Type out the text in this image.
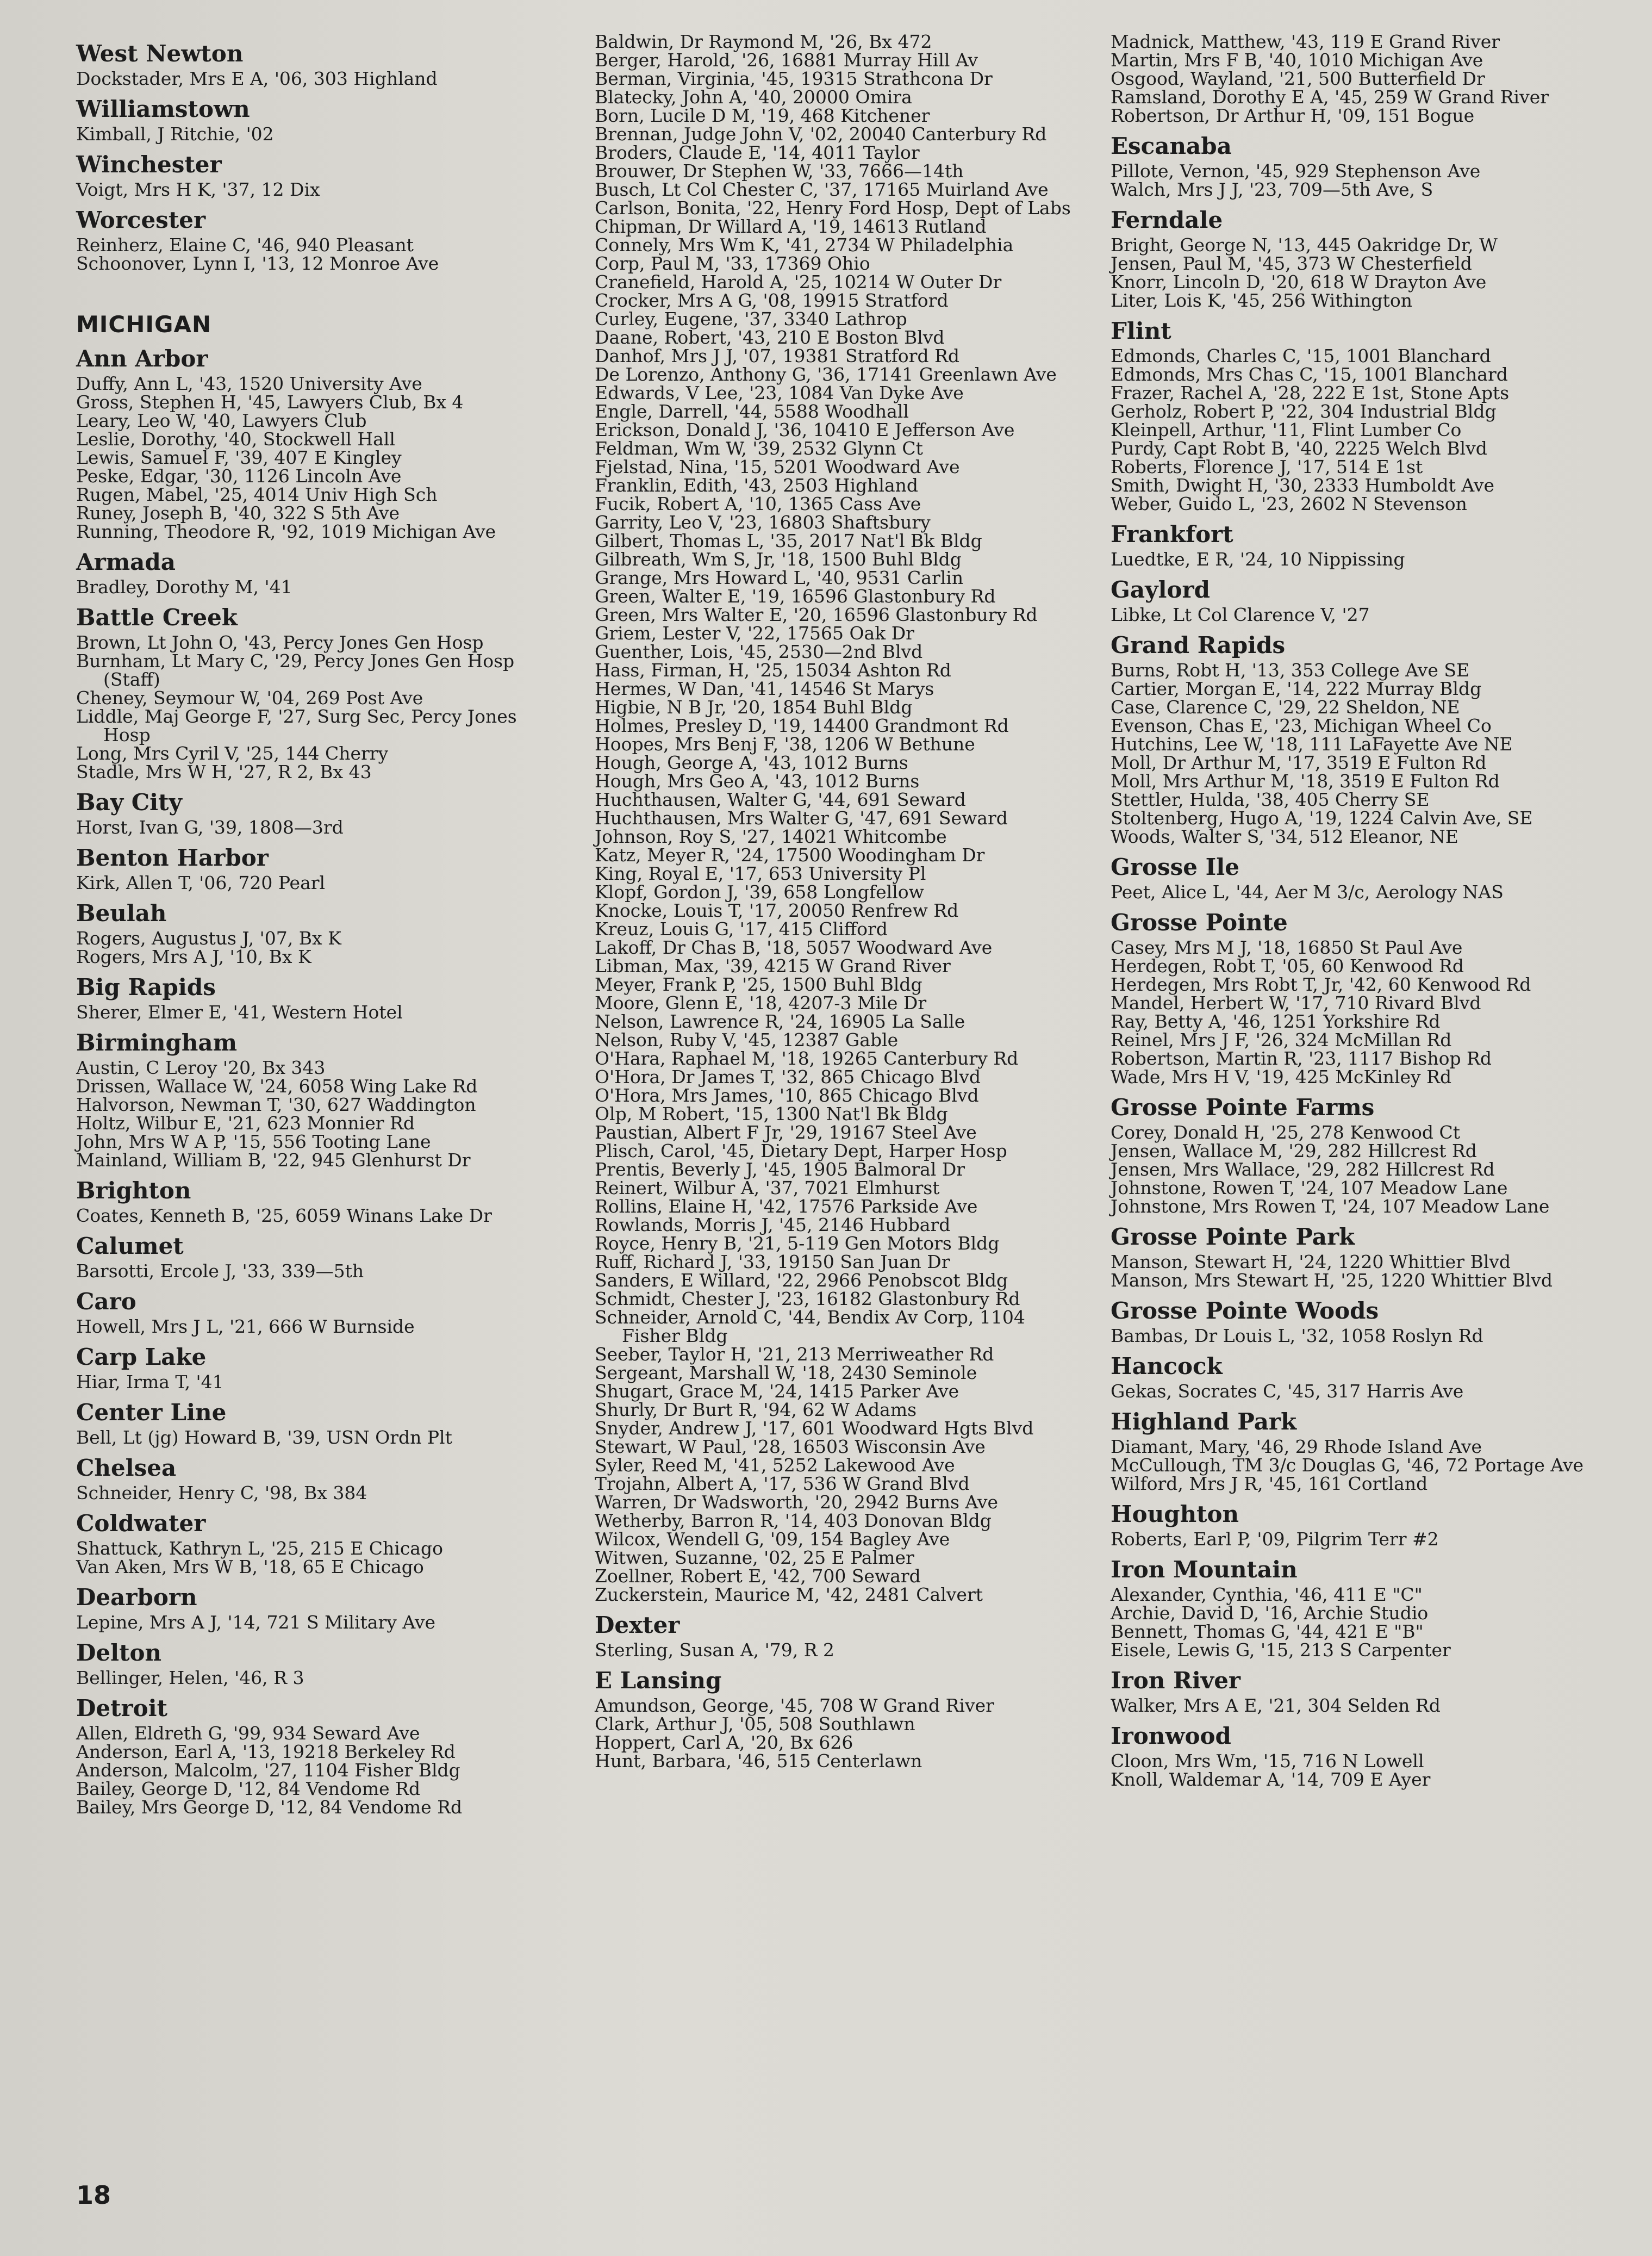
West Newton
Dockstader, Mrs E A, '06, 303 Highland
Williamstown
Kimball, J Ritchie, '02
Winchester
Voigt, Mrs H K, '37, 12 Dix
Worcester
Reinherz, Elaine C, '46, 940 Pleasant
Schoonover, Lynn I, '13, 12 Monroe Ave
MICHIGAN
Ann Arbor
Duffy, Ann L, '43, 1520 University Ave
Gross, Stephen H, '45, Lawyers Club, Bx 4
Leary, Leo W, '40, Lawyers Club
Leslie, Dorothy, '40, Stockwell Hall
Lewis, Samuel F, '39, 407 E Kingley
Peske, Edgar, '30, 1126 Lincoln Ave
Rugen, Mabel, '25, 4014 Univ High Sch
Runey, Joseph B, '40, 322 S 5th Ave
Running, Theodore R, '92, 1019 Michigan Ave
Armada
Bradley, Dorothy M, '41
Battle Creek
Brown, Lt John O, '43, Percy Jones Gen Hosp
Burnham, Lt Mary C, '29, Percy Jones Gen Hosp (Staff)
Cheney, Seymour W, '04, 269 Post Ave
Liddle, Maj George F, '27, Surg Sec, Percy Jones Hosp
Long, Mrs Cyril V, '25, 144 Cherry
Stadle, Mrs W H, '27, R 2, Bx 43
Bay City
Horst, Ivan G, '39, 1808—3rd
Benton Harbor
Kirk, Allen T, '06, 720 Pearl
Beulah
Rogers, Augustus J, '07, Bx K
Rogers, Mrs A J, '10, Bx K
Big Rapids
Sherer, Elmer E, '41, Western Hotel
Birmingham
Austin, C Leroy '20, Bx 343
Drissen, Wallace W, '24, 6058 Wing Lake Rd
Halvorson, Newman T, '30, 627 Waddington
Holtz, Wilbur E, '21, 623 Monnier Rd
John, Mrs W A P, '15, 556 Tooting Lane
Mainland, William B, '22, 945 Glenhurst Dr
Brighton
Coates, Kenneth B, '25, 6059 Winans Lake Dr
Calumet
Barsotti, Ercole J, '33, 339—5th
Caro
Howell, Mrs J L, '21, 666 W Burnside
Carp Lake
Hiar, Irma T, '41
Center Line
Bell, Lt (jg) Howard B, '39, USN Ordn Plt
Chelsea
Schneider, Henry C, '98, Bx 384
Coldwater
Shattuck, Kathryn L, '25, 215 E Chicago
Van Aken, Mrs W B, '18, 65 E Chicago
Dearborn
Lepine, Mrs A J, '14, 721 S Military Ave
Delton
Bellinger, Helen, '46, R 3
Detroit
Allen, Eldreth G, '99, 934 Seward Ave
Anderson, Earl A, '13, 19218 Berkeley Rd
Anderson, Malcolm, '27, 1104 Fisher Bldg
Bailey, George D, '12, 84 Vendome Rd
Bailey, Mrs George D, '12, 84 Vendome Rd
Baldwin, Dr Raymond M, '26, Bx 472
Berger, Harold, '26, 16881 Murray Hill Av
Berman, Virginia, '45, 19315 Strathcona Dr
Blatecky, John A, '40, 20000 Omira
Born, Lucile D M, '19, 468 Kitchener
Brennan, Judge John V, '02, 20040 Canterbury Rd
Broders, Claude E, '14, 4011 Taylor
Brouwer, Dr Stephen W, '33, 7666—14th
Busch, Lt Col Chester C, '37, 17165 Muirland Ave
Carlson, Bonita, '22, Henry Ford Hosp, Dept of Labs
Chipman, Dr Willard A, '19, 14613 Rutland
Connely, Mrs Wm K, '41, 2734 W Philadelphia
Corp, Paul M, '33, 17369 Ohio
Cranefield, Harold A, '25, 10214 W Outer Dr
Crocker, Mrs A G, '08, 19915 Stratford
Curley, Eugene, '37, 3340 Lathrop
Daane, Robert, '43, 210 E Boston Blvd
Danhof, Mrs J J, '07, 19381 Stratford Rd
De Lorenzo, Anthony G, '36, 17141 Greenlawn Ave
Edwards, V Lee, '23, 1084 Van Dyke Ave
Engle, Darrell, '44, 5588 Woodhall
Erickson, Donald J, '36, 10410 E Jefferson Ave
Feldman, Wm W, '39, 2532 Glynn Ct
Fjelstad, Nina, '15, 5201 Woodward Ave
Franklin, Edith, '43, 2503 Highland
Fucik, Robert A, '10, 1365 Cass Ave
Garrity, Leo V, '23, 16803 Shaftsbury
Gilbert, Thomas L, '35, 2017 Nat'l Bk Bldg
Gilbreath, Wm S, Jr, '18, 1500 Buhl Bldg
Grange, Mrs Howard L, '40, 9531 Carlin
Green, Walter E, '19, 16596 Glastonbury Rd
Green, Mrs Walter E, '20, 16596 Glastonbury Rd
Griem, Lester V, '22, 17565 Oak Dr
Guenther, Lois, '45, 2530—2nd Blvd
Hass, Firman, H, '25, 15034 Ashton Rd
Hermes, W Dan, '41, 14546 St Marys
Higbie, N B Jr, '20, 1854 Buhl Bldg
Holmes, Presley D, '19, 14400 Grandmont Rd
Hoopes, Mrs Benj F, '38, 1206 W Bethune
Hough, George A, '43, 1012 Burns
Hough, Mrs Geo A, '43, 1012 Burns
Huchthausen, Walter G, '44, 691 Seward
Huchthausen, Mrs Walter G, '47, 691 Seward
Johnson, Roy S, '27, 14021 Whitcombe
Katz, Meyer R, '24, 17500 Woodingham Dr
King, Royal E, '17, 653 University Pl
Klopf, Gordon J, '39, 658 Longfellow
Knocke, Louis T, '17, 20050 Renfrew Rd
Kreuz, Louis G, '17, 415 Clifford
Lakoff, Dr Chas B, '18, 5057 Woodward Ave
Libman, Max, '39, 4215 W Grand River
Meyer, Frank P, '25, 1500 Buhl Bldg
Moore, Glenn E, '18, 4207-3 Mile Dr
Nelson, Lawrence R, '24, 16905 La Salle
Nelson, Ruby V, '45, 12387 Gable
O'Hara, Raphael M, '18, 19265 Canterbury Rd
O'Hora, Dr James T, '32, 865 Chicago Blvd
O'Hora, Mrs James, '10, 865 Chicago Blvd
Olp, M Robert, '15, 1300 Nat'l Bk Bldg
Paustian, Albert F Jr, '29, 19167 Steel Ave
Plisch, Carol, '45, Dietary Dept, Harper Hosp
Prentis, Beverly J, '45, 1905 Balmoral Dr
Reinert, Wilbur A, '37, 7021 Elmhurst
Rollins, Elaine H, '42, 17576 Parkside Ave
Rowlands, Morris J, '45, 2146 Hubbard
Royce, Henry B, '21, 5-119 Gen Motors Bldg
Ruff, Richard J, '33, 19150 San Juan Dr
Sanders, E Willard, '22, 2966 Penobscot Bldg
Schmidt, Chester J, '23, 16182 Glastonbury Rd
Schneider, Arnold C, '44, Bendix Av Corp, 1104 Fisher Bldg
Seeber, Taylor H, '21, 213 Merriweather Rd
Sergeant, Marshall W, '18, 2430 Seminole
Shugart, Grace M, '24, 1415 Parker Ave
Shurly, Dr Burt R, '94, 62 W Adams
Snyder, Andrew J, '17, 601 Woodward Hgts Blvd
Stewart, W Paul, '28, 16503 Wisconsin Ave
Syler, Reed M, '41, 5252 Lakewood Ave
Trojahn, Albert A, '17, 536 W Grand Blvd
Warren, Dr Wadsworth, '20, 2942 Burns Ave
Wetherby, Barron R, '14, 403 Donovan Bldg
Wilcox, Wendell G, '09, 154 Bagley Ave
Witwen, Suzanne, '02, 25 E Palmer
Zoellner, Robert E, '42, 700 Seward
Zuckerstein, Maurice M, '42, 2481 Calvert
Dexter
Sterling, Susan A, '79, R 2
E Lansing
Amundson, George, '45, 708 W Grand River
Clark, Arthur J, '05, 508 Southlawn
Hoppert, Carl A, '20, Bx 626
Hunt, Barbara, '46, 515 Centerlawn
Madnick, Matthew, '43, 119 E Grand River
Martin, Mrs F B, '40, 1010 Michigan Ave
Osgood, Wayland, '21, 500 Butterfield Dr
Ramsland, Dorothy E A, '45, 259 W Grand River
Robertson, Dr Arthur H, '09, 151 Bogue
Escanaba
Pillote, Vernon, '45, 929 Stephenson Ave
Walch, Mrs J J, '23, 709—5th Ave, S
Ferndale
Bright, George N, '13, 445 Oakridge Dr, W
Jensen, Paul M, '45, 373 W Chesterfield
Knorr, Lincoln D, '20, 618 W Drayton Ave
Liter, Lois K, '45, 256 Withington
Flint
Edmonds, Charles C, '15, 1001 Blanchard
Edmonds, Mrs Chas C, '15, 1001 Blanchard
Frazer, Rachel A, '28, 222 E 1st, Stone Apts
Gerholz, Robert P, '22, 304 Industrial Bldg
Kleinpell, Arthur, '11, Flint Lumber Co
Purdy, Capt Robt B, '40, 2225 Welch Blvd
Roberts, Florence J, '17, 514 E 1st
Smith, Dwight H, '30, 2333 Humboldt Ave
Weber, Guido L, '23, 2602 N Stevenson
Frankfort
Luedtke, E R, '24, 10 Nippissing
Gaylord
Libke, Lt Col Clarence V, '27
Grand Rapids
Burns, Robt H, '13, 353 College Ave SE
Cartier, Morgan E, '14, 222 Murray Bldg
Case, Clarence C, '29, 22 Sheldon, NE
Evenson, Chas E, '23, Michigan Wheel Co
Hutchins, Lee W, '18, 111 LaFayette Ave NE
Moll, Dr Arthur M, '17, 3519 E Fulton Rd
Moll, Mrs Arthur M, '18, 3519 E Fulton Rd
Stettler, Hulda, '38, 405 Cherry SE
Stoltenberg, Hugo A, '19, 1224 Calvin Ave, SE
Woods, Walter S, '34, 512 Eleanor, NE
Grosse Ile
Peet, Alice L, '44, Aer M 3/c, Aerology NAS
Grosse Pointe
Casey, Mrs M J, '18, 16850 St Paul Ave
Herdegen, Robt T, '05, 60 Kenwood Rd
Herdegen, Mrs Robt T, Jr, '42, 60 Kenwood Rd
Mandel, Herbert W, '17, 710 Rivard Blvd
Ray, Betty A, '46, 1251 Yorkshire Rd
Reinel, Mrs J F, '26, 324 McMillan Rd
Robertson, Martin R, '23, 1117 Bishop Rd
Wade, Mrs H V, '19, 425 McKinley Rd
Grosse Pointe Farms
Corey, Donald H, '25, 278 Kenwood Ct
Jensen, Wallace M, '29, 282 Hillcrest Rd
Jensen, Mrs Wallace, '29, 282 Hillcrest Rd
Johnstone, Rowen T, '24, 107 Meadow Lane
Johnstone, Mrs Rowen T, '24, 107 Meadow Lane
Grosse Pointe Park
Manson, Stewart H, '24, 1220 Whittier Blvd
Manson, Mrs Stewart H, '25, 1220 Whittier Blvd
Grosse Pointe Woods
Bambas, Dr Louis L, '32, 1058 Roslyn Rd
Hancock
Gekas, Socrates C, '45, 317 Harris Ave
Highland Park
Diamant, Mary, '46, 29 Rhode Island Ave
McCullough, TM 3/c Douglas G, '46, 72 Portage Ave
Wilford, Mrs J R, '45, 161 Cortland
Houghton
Roberts, Earl P, '09, Pilgrim Terr #2
Iron Mountain
Alexander, Cynthia, '46, 411 E "C"
Archie, David D, '16, Archie Studio
Bennett, Thomas G, '44, 421 E "B"
Eisele, Lewis G, '15, 213 S Carpenter
Iron River
Walker, Mrs A E, '21, 304 Selden Rd
Ironwood
Cloon, Mrs Wm, '15, 716 N Lowell
Knoll, Waldemar A, '14, 709 E Ayer
18
